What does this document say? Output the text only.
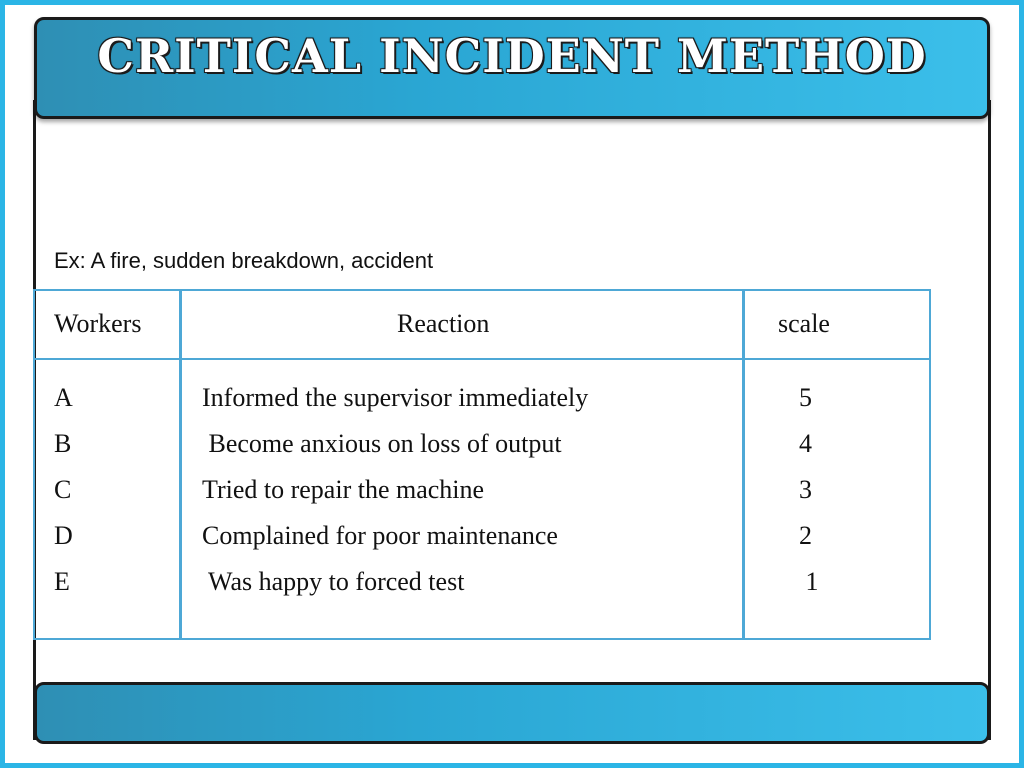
CRITICAL INCIDENT METHOD
Ex: A fire, sudden breakdown, accident
Workers	Reaction	scale
A	Informed the supervisor immediately	5
B	Become anxious on loss of output	4
C	Tried to repair the machine	3
D	Complained for poor maintenance	2
E	Was happy to forced test	1
